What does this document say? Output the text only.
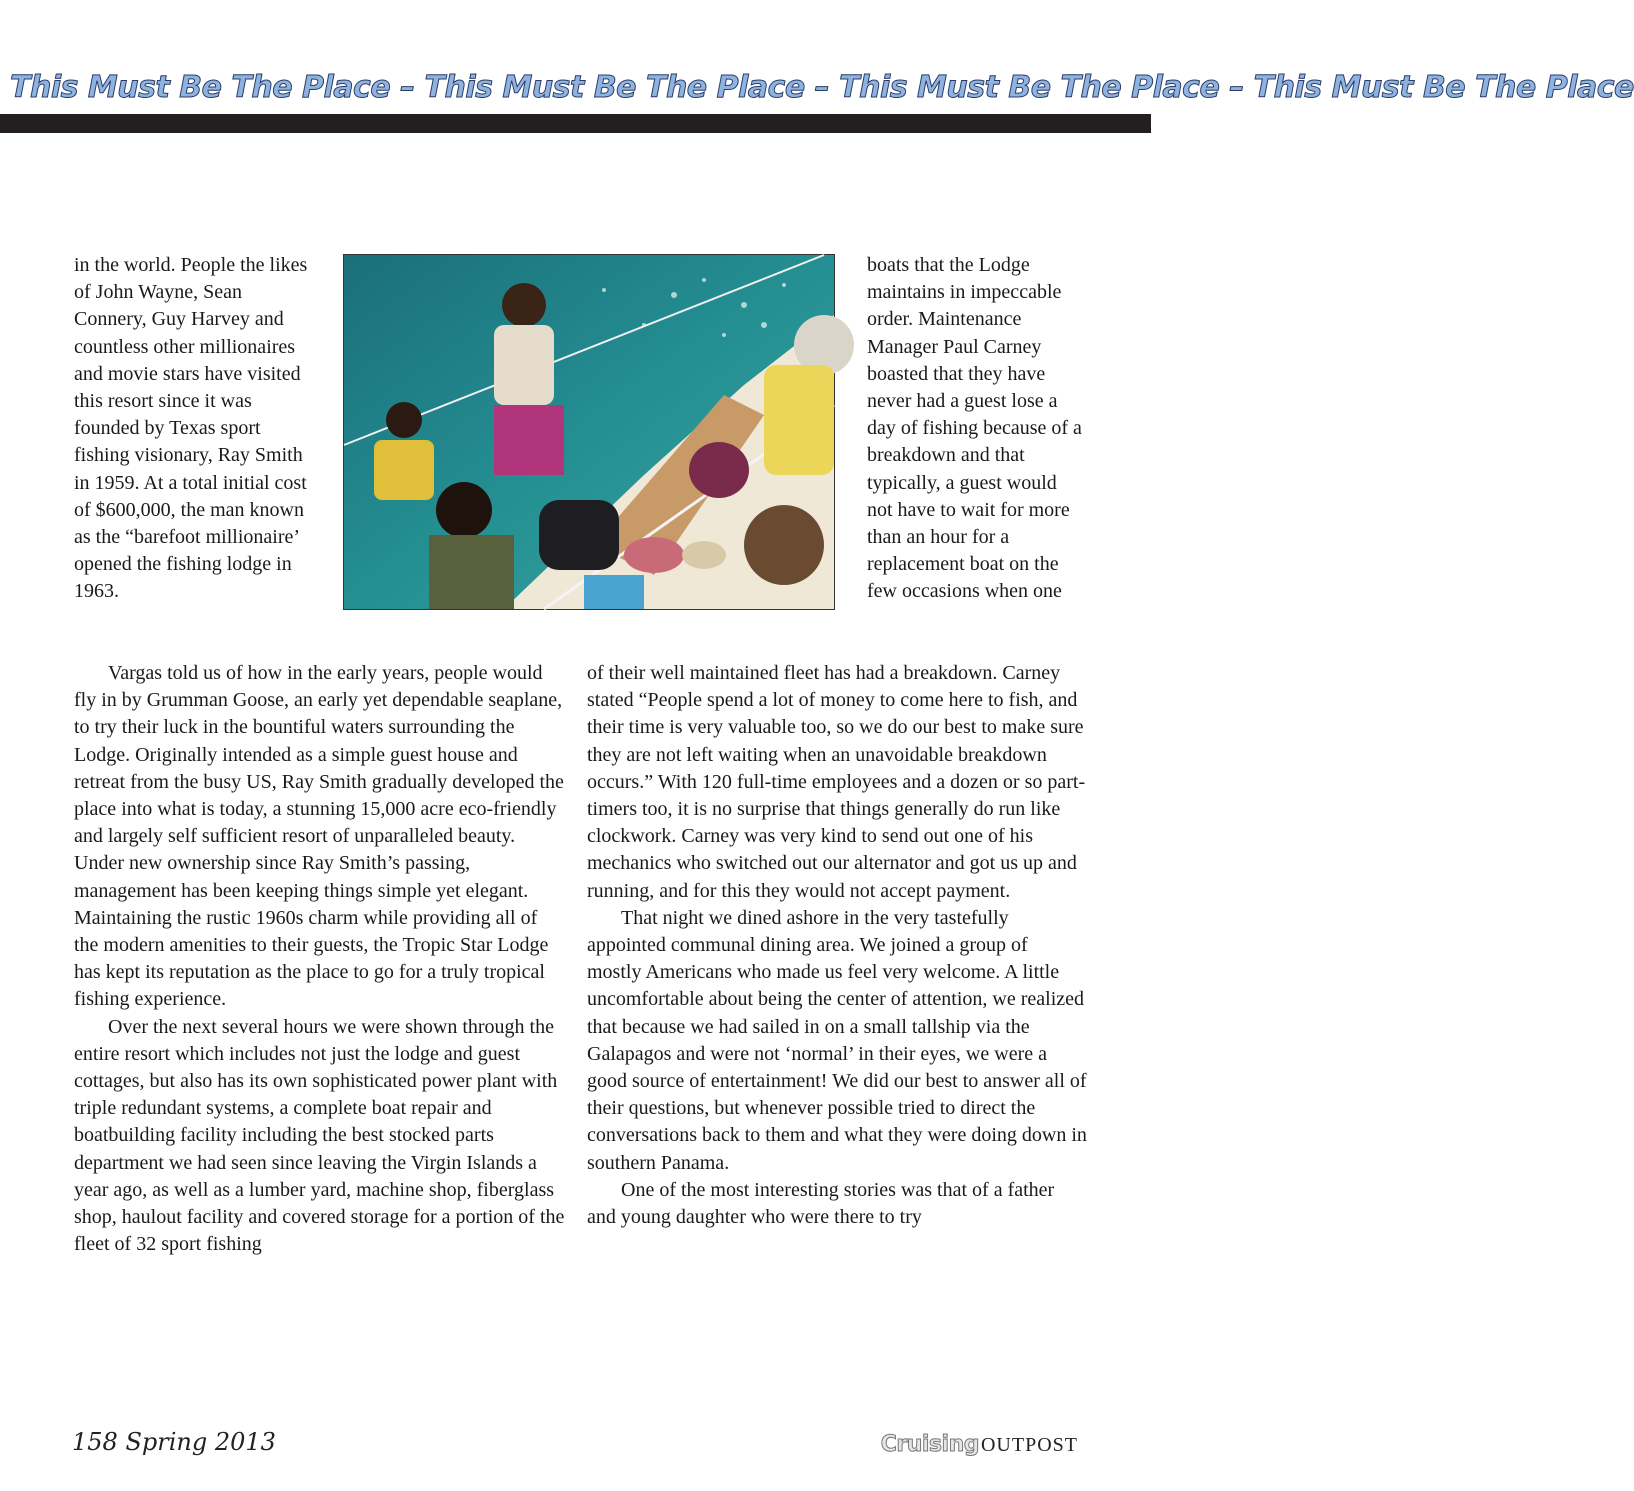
This Must Be The Place – This Must Be The Place – This Must Be The Place – This Must Be The Place

in the world. People the likes of John Wayne, Sean Connery, Guy Harvey and countless other millionaires and movie stars have visited this resort since it was founded by Texas sport fishing visionary, Ray Smith in 1959. At a total initial cost of $600,000, the man known as the “barefoot millionaire’ opened the fishing lodge in 1963.

boats that the Lodge maintains in impeccable order. Maintenance Manager Paul Carney boasted that they have never had a guest lose a day of fishing because of a breakdown and that typically, a guest would not have to wait for more than an hour for a replacement boat on the few occasions when one

Vargas told us of how in the early years, people would fly in by Grumman Goose, an early yet dependable seaplane, to try their luck in the bountiful waters surrounding the Lodge. Originally intended as a simple guest house and retreat from the busy US, Ray Smith gradually developed the place into what is today, a stunning 15,000 acre eco-friendly and largely self sufficient resort of unparalleled beauty. Under new ownership since Ray Smith’s passing, management has been keeping things simple yet elegant. Maintaining the rustic 1960s charm while providing all of the modern amenities to their guests, the Tropic Star Lodge has kept its reputation as the place to go for a truly tropical fishing experience.

Over the next several hours we were shown through the entire resort which includes not just the lodge and guest cottages, but also has its own sophisticated power plant with triple redundant systems, a complete boat repair and boatbuilding facility including the best stocked parts department we had seen since leaving the Virgin Islands a year ago, as well as a lumber yard, machine shop, fiberglass shop, haulout facility and covered storage for a portion of the fleet of 32 sport fishing

of their well maintained fleet has had a breakdown. Carney stated “People spend a lot of money to come here to fish, and their time is very valuable too, so we do our best to make sure they are not left waiting when an unavoidable breakdown occurs.” With 120 full-time employees and a dozen or so part-timers too, it is no surprise that things generally do run like clockwork. Carney was very kind to send out one of his mechanics who switched out our alternator and got us up and running, and for this they would not accept payment.

That night we dined ashore in the very tastefully appointed communal dining area. We joined a group of mostly Americans who made us feel very welcome. A little uncomfortable about being the center of attention, we realized that because we had sailed in on a small tallship via the Galapagos and were not ‘normal’ in their eyes, we were a good source of entertainment! We did our best to answer all of their questions, but whenever possible tried to direct the conversations back to them and what they were doing down in southern Panama.

One of the most interesting stories was that of a father and young daughter who were there to try

158 Spring 2013	Cruising OUTPOST
